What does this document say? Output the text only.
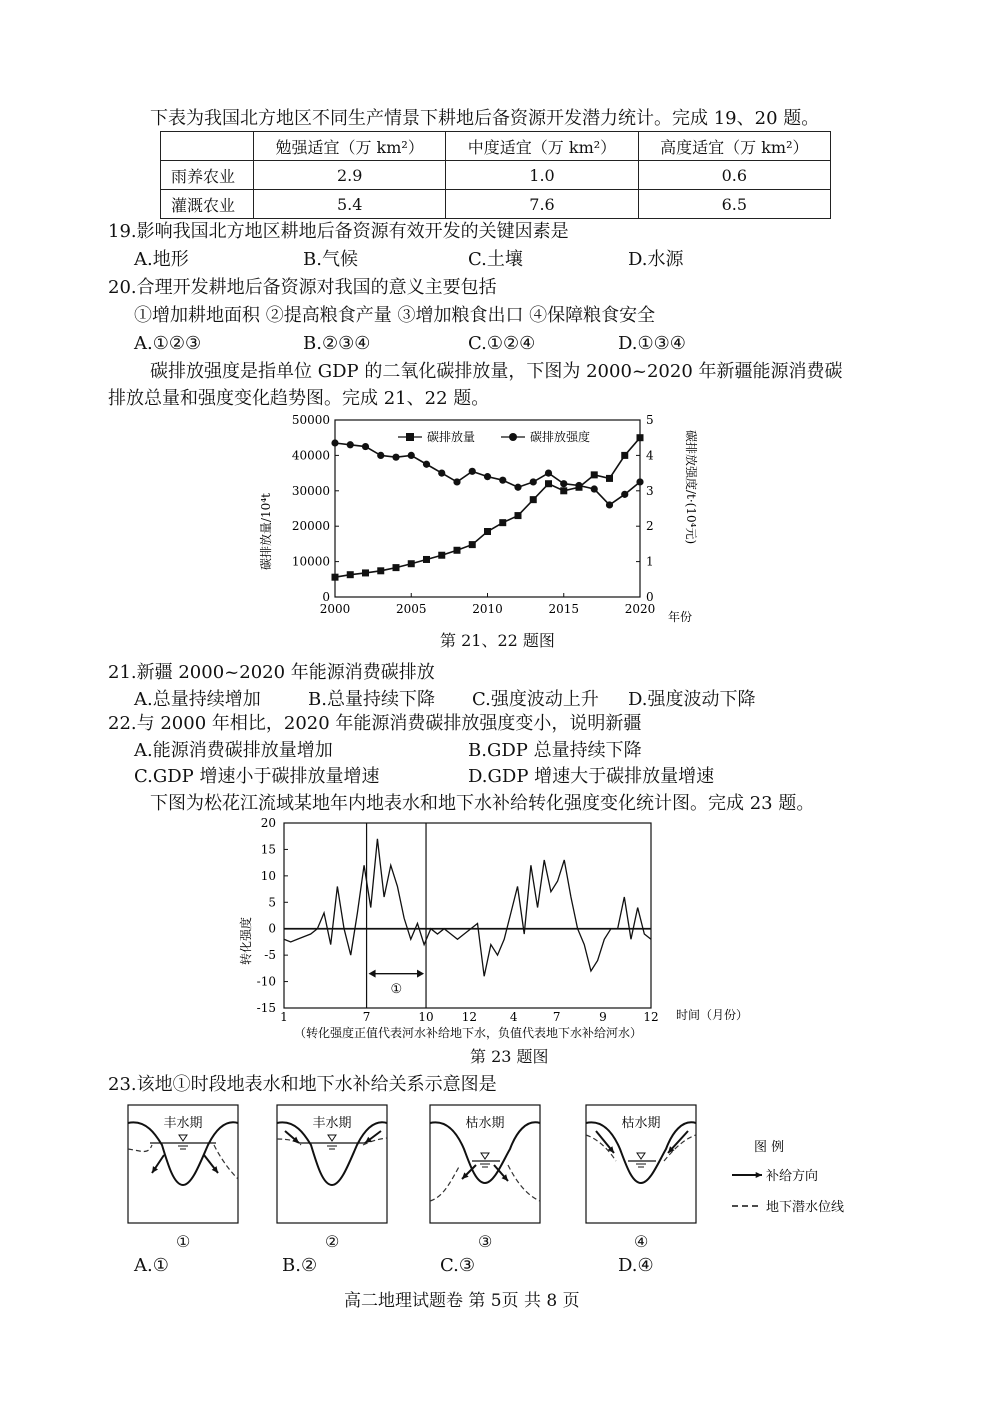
下表为我国北方地区不同生产情景下耕地后备资源开发潜力统计。完成 19、20 题。
	勉强适宜（万 km²）	中度适宜（万 km²）	高度适宜（万 km²）
雨养农业	2.9	1.0	0.6
灌溉农业	5.4	7.6	6.5
19.影响我国北方地区耕地后备资源有效开发的关键因素是
A.地形	B.气候	C.土壤	D.水源
20.合理开发耕地后备资源对我国的意义主要包括
①增加耕地面积 ②提高粮食产量 ③增加粮食出口 ④保障粮食安全
A.①②③	B.②③④	C.①②④	D.①③④
碳排放强度是指单位 GDP 的二氧化碳排放量，下图为 2000~2020 年新疆能源消费碳
排放总量和强度变化趋势图。完成 21、22 题。
0
10000
20000
30000
40000
50000
0
1
2
3
4
5
2000	2005	2010	2015	2020
碳排放量/10⁴t	碳排放强度/t·(10⁴元)
年份
碳排放量	碳排放强度
第 21、22 题图
21.新疆 2000~2020 年能源消费碳排放
A.总量持续增加	B.总量持续下降 C.强度波动上升 D.强度波动下降
22.与 2000 年相比，2020 年能源消费碳排放强度变小，说明新疆
A.能源消费碳排放量增加	B.GDP 总量持续下降
C.GDP 增速小于碳排放量增速	D.GDP 增速大于碳排放量增速
下图为松花江流域某地年内地表水和地下水补给转化强度变化统计图。完成 23 题。
①
20
15
10
5
0
-5
-10
-15
1	7	10 12	4	7	9	12
转化强度
时间（月份）
（转化强度正值代表河水补给地下水，负值代表地下水补给河水）
第 23 题图
23.该地①时段地表水和地下水补给关系示意图是
丰水期	丰水期	枯水期	枯水期
图 例
补给方向
地下潜水位线
①	②	③	④
A.①	B.②	C.③	D.④
高二地理试题卷 第 5页 共 8 页
